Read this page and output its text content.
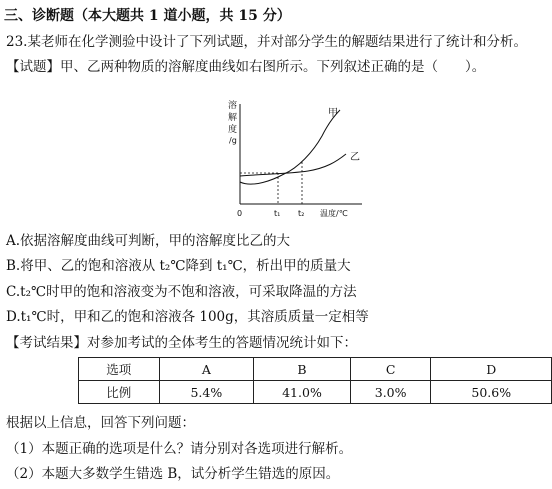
三、诊断题（本大题共 1 道小题，共 15 分）
23.某老师在化学测验中设计了下列试题，并对部分学生的解题结果进行了统计和分析。
【试题】甲、乙两种物质的溶解度曲线如右图所示。下列叙述正确的是（　　）。
溶
解
度
/g
甲
乙
0	t₁ t₂ 温度/℃
A.依据溶解度曲线可判断，甲的溶解度比乙的大
B.将甲、乙的饱和溶液从 t₂℃降到 t₁℃，析出甲的质量大
C.t₂℃时甲的饱和溶液变为不饱和溶液，可采取降温的方法
D.t₁℃时，甲和乙的饱和溶液各 100g，其溶质质量一定相等
【考试结果】对参加考试的全体考生的答题情况统计如下：
选项	A	B	C	D
比例	5.4%	41.0%	3.0%	50.6%
根据以上信息，回答下列问题：
（1）本题正确的选项是什么？请分别对各选项进行解析。
（2）本题大多数学生错选 B，试分析学生错选的原因。
